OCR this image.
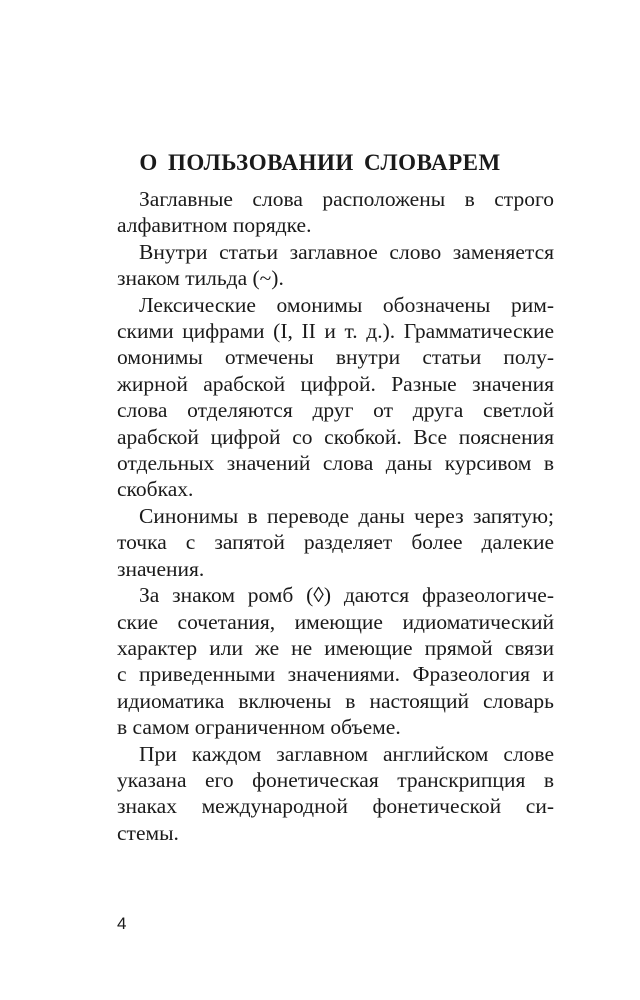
О ПОЛЬЗОВАНИИ СЛОВАРЕМ
Заглавные слова расположены в строго
алфавитном порядке.
Внутри статьи заглавное слово заменяется
знаком тильда (~).
Лексические омонимы обозначены рим-
скими цифрами (I, II и т. д.). Грамматические
омонимы отмечены внутри статьи полу-
жирной арабской цифрой. Разные значения
слова отделяются друг от друга светлой
арабской цифрой со скобкой. Все пояснения
отдельных значений слова даны курсивом в
скобках.
Синонимы в переводе даны через запятую;
точка с запятой разделяет более далекие
значения.
За знаком ромб (◊) даются фразеологиче-
ские сочетания, имеющие идиоматический
характер или же не имеющие прямой связи
с приведенными значениями. Фразеология и
идиоматика включены в настоящий словарь
в самом ограниченном объеме.
При каждом заглавном английском слове
указана его фонетическая транскрипция в
знаках международной фонетической си-
стемы.
4
